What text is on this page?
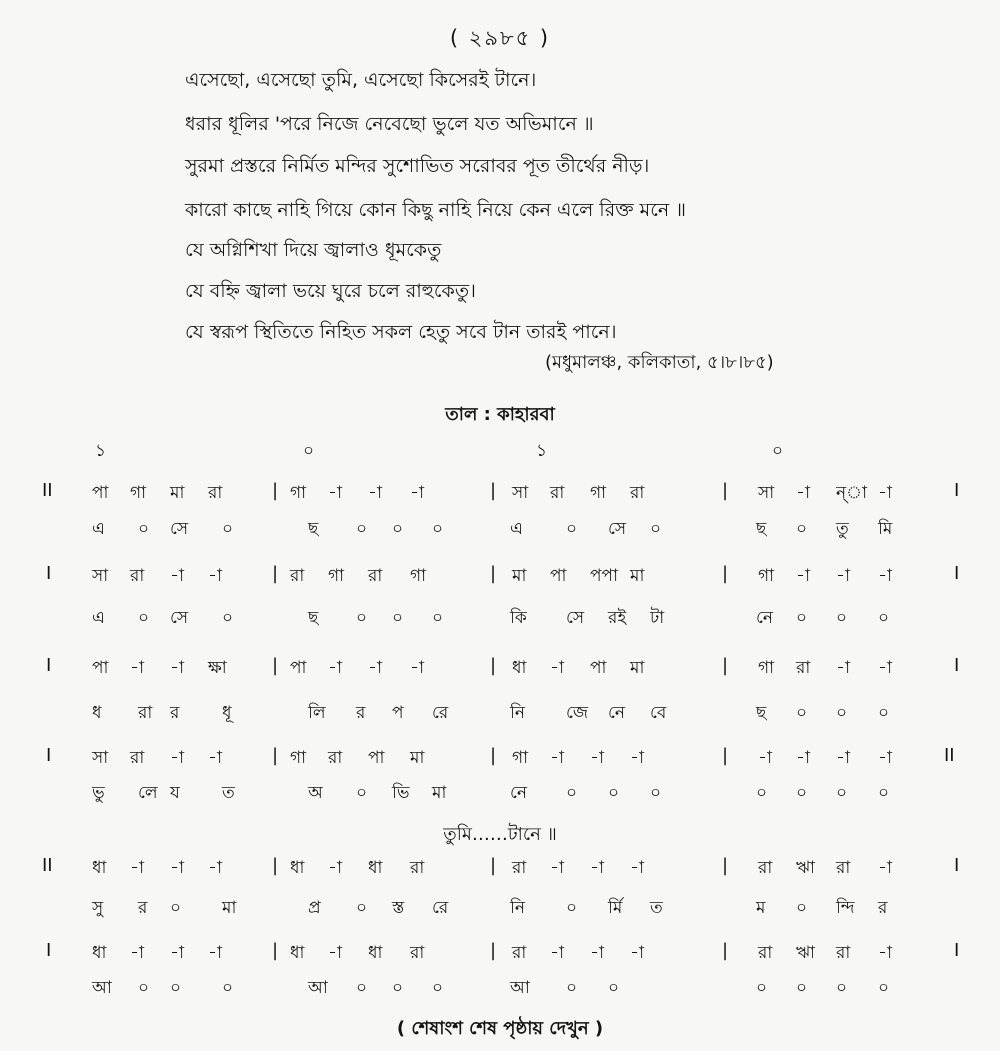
( ২৯৮৫ )
এসেছো, এসেছো তুমি, এসেছো কিসেরই টানে।
ধরার ধূলির 'পরে নিজে নেবেছো ভুলে যত অভিমানে ॥
সুরমা প্রস্তরে নির্মিত মন্দির সুশোভিত সরোবর পূত তীর্থের নীড়।
কারো কাছে নাহি গিয়ে কোন কিছু নাহি নিয়ে কেন এলে রিক্ত মনে ॥
যে অগ্নিশিখা দিয়ে জ্বালাও ধূমকেতু
যে বহ্নি জ্বালা ভয়ে ঘুরে চলে রাহুকেতু।
যে স্বরূপ স্থিতিতে নিহিত সকল হেতু সবে টান তারই পানে।
(মধুমালঞ্চ, কলিকাতা, ৫।৮।৮৫)
তাল : কাহারবা
১	০	১	০
II	|	|	|
পা গা মা রা	গা -া -া -া	সা রা গা রা	সা -া ন্‌া -া	I
এ ০ সে ০	ছ ০ ০ ০	এ	০ সে ০	ছ ০ তু মি
I	|	|	|
সা রা -া -া	রা গা রা গা	মা পা পপা মা	গা -া -া -া	I
এ ০ সে ০	ছ ০ ০ ০	কি সে রই টা	নে ০ ০ ০
I	|	|	|
পা -া -া ক্ষা	পা -া -া -া	ধা -া পা মা	গা রা -া -া	I
ধ রা র	ধূ	লি র প রে	নি জে নে বে	ছ ০ ০ ০
I	|	|	|
সা রা -া -া	গা রা পা মা	গা -া -া -া	-া -া -া -া	II
ভু লে য ত	অ ০ ভি মা	নে ০ ০ ০	০ ০ ০ ০
II	|	|	|
ধা -া -া -া	ধা -া ধা রা	রা -া -া -া	রা ঋা রা -া	I
সু র ০ মা	প্র ০ স্ত রে	নি ০ র্মি ত	ম ০ ন্দি র
I	|	|	|
ধা -া -া -া	ধা -া ধা রা	রা -া -া -া	রা ঋা রা -া	I
আ ০ ০ ০	আ ০ ০ ০	আ ০ ০	০ ০ ০ ০
তুমি……টানে ॥
( শেষাংশ শেষ পৃষ্ঠায় দেখুন )
